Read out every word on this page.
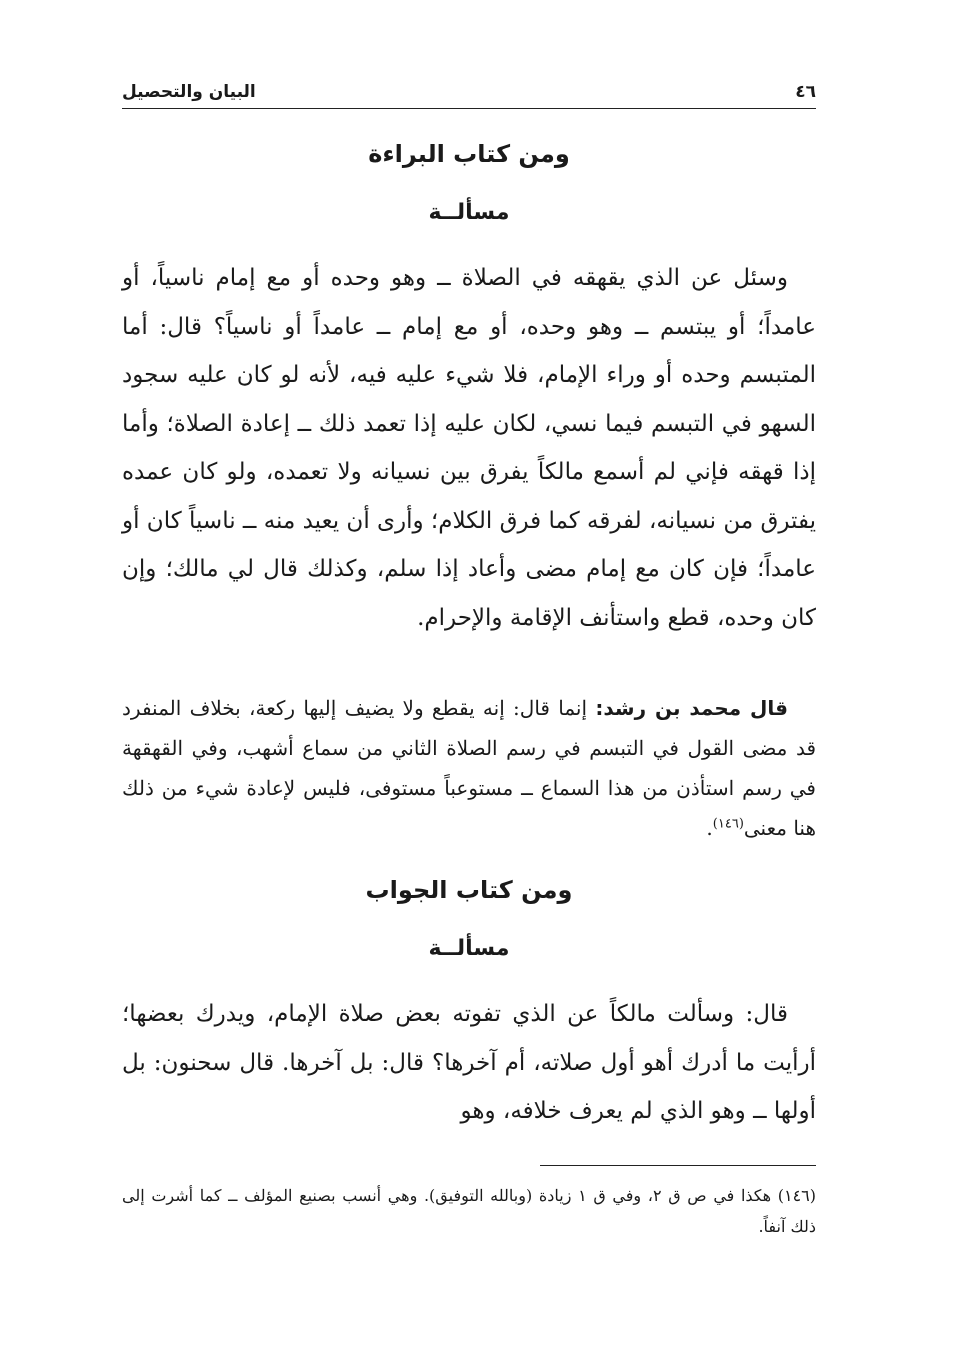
٤٦
البيان والتحصيل
ومن كتاب البراءة
مسألــة

وسئل عن الذي يقهقه في الصلاة ــ وهو وحده أو مع إمام ناسياً، أو عامداً؛ أو يبتسم ــ وهو وحده، أو مع إمام ــ عامداً أو ناسياً؟ قال: أما المتبسم وحده أو وراء الإمام، فلا شيء عليه فيه، لأنه لو كان عليه سجود السهو في التبسم فيما نسي، لكان عليه إذا تعمد ذلك ــ إعادة الصلاة؛ وأما إذا قهقه فإني لم أسمع مالكاً يفرق بين نسيانه ولا تعمده، ولو كان عمده يفترق من نسيانه، لفرقه كما فرق الكلام؛ وأرى أن يعيد منه ــ ناسياً كان أو عامداً؛ فإن كان مع إمام مضى وأعاد إذا سلم، وكذلك قال لي مالك؛ وإن كان وحده، قطع واستأنف الإقامة والإحرام.

قال محمد بن رشد: إنما قال: إنه يقطع ولا يضيف إليها ركعة، بخلاف المنفرد قد مضى القول في التبسم في رسم الصلاة الثاني من سماع أشهب، وفي القهقهة في رسم استأذن من هذا السماع ــ مستوعباً مستوفى، فليس لإعادة شيء من ذلك هنا معنى$^{(١٤٦)}$.

ومن كتاب الجواب
مسألــة

قال: وسألت مالكاً عن الذي تفوته بعض صلاة الإمام، ويدرك بعضها؛ أرأيت ما أدرك أهو أول صلاته، أم آخرها؟ قال: بل آخرها. قال سحنون: بل أولها ــ وهو الذي لم يعرف خلافه، وهو

(١٤٦) هكذا في ص ق ٢، وفي ق ١ زيادة (وبالله التوفيق). وهي أنسب بصنيع المؤلف ــ كما أشرت إلى ذلك آنفاً.
